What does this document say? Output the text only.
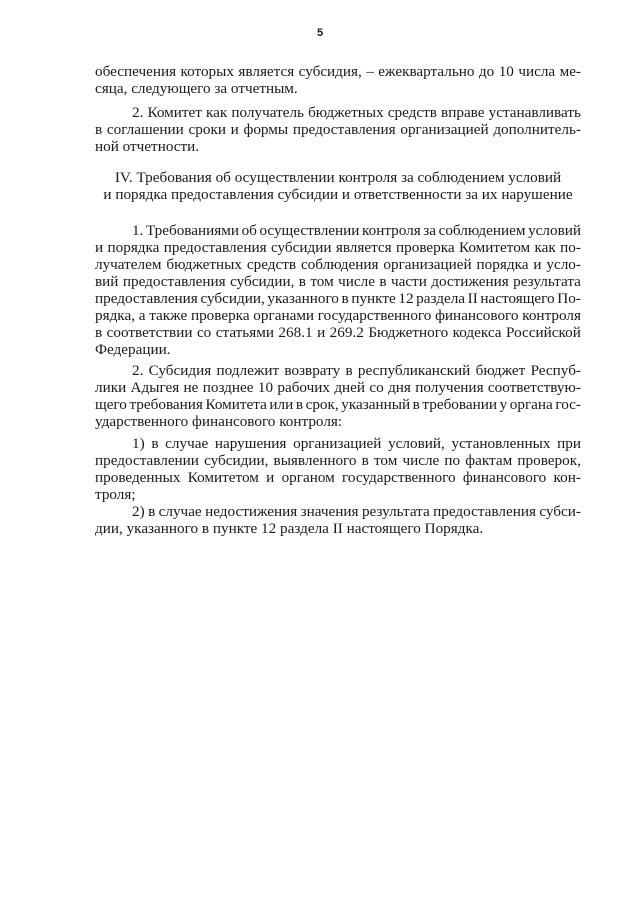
5
обеспечения которых является субсидия, – ежеквартально до 10 числа ме-
сяца, следующего за отчетным.
2. Комитет как получатель бюджетных средств вправе устанавливать
в соглашении сроки и формы предоставления организацией дополнитель-
ной отчетности.
IV. Требования об осуществлении контроля за соблюдением условий
и порядка предоставления субсидии и ответственности за их нарушение
1. Требованиями об осуществлении контроля за соблюдением условий
и порядка предоставления субсидии является проверка Комитетом как по-
лучателем бюджетных средств соблюдения организацией порядка и усло-
вий предоставления субсидии, в том числе в части достижения результата
предоставления субсидии, указанного в пункте 12 раздела II настоящего По-
рядка, а также проверка органами государственного финансового контроля
в соответствии со статьями 268.1 и 269.2 Бюджетного кодекса Российской
Федерации.
2. Субсидия подлежит возврату в республиканский бюджет Респуб-
лики Адыгея не позднее 10 рабочих дней со дня получения соответствую-
щего требования Комитета или в срок, указанный в требовании у органа гос-
ударственного финансового контроля:
1) в случае нарушения организацией условий, установленных при
предоставлении субсидии, выявленного в том числе по фактам проверок,
проведенных Комитетом и органом государственного финансового кон-
троля;
2) в случае недостижения значения результата предоставления субси-
дии, указанного в пункте 12 раздела II настоящего Порядка.
